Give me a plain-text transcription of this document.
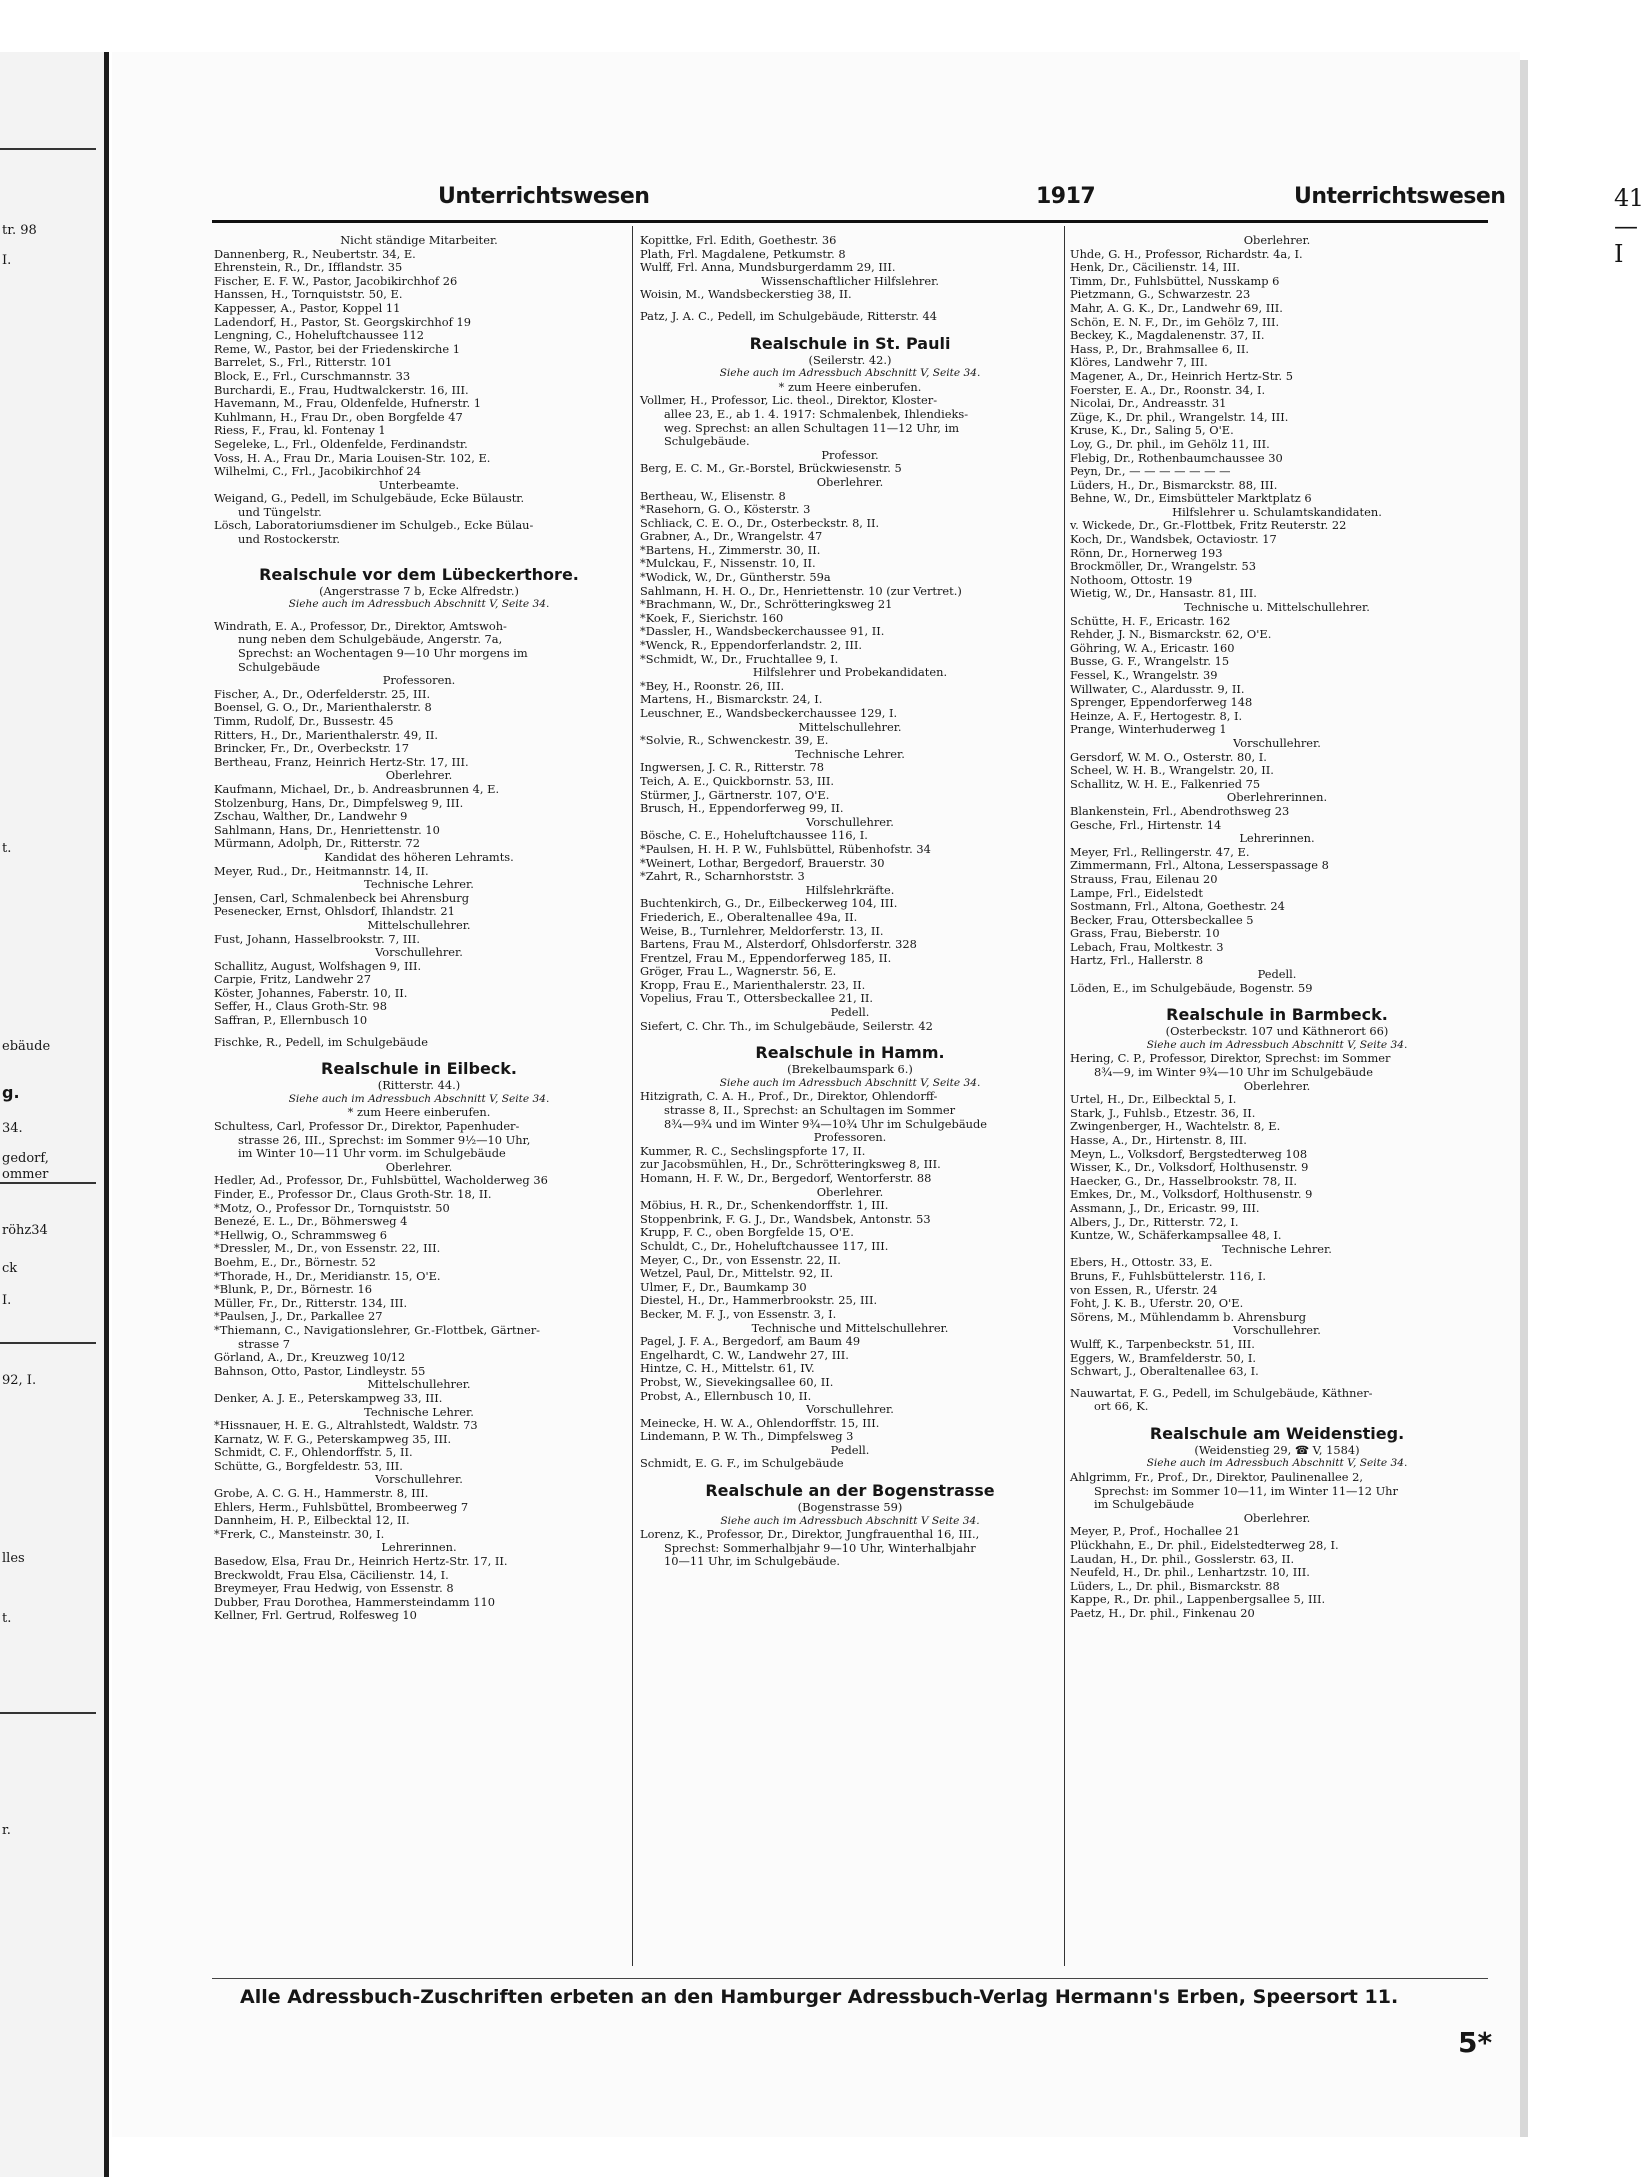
tr. 98
I.
t.
ebäude
g.
34.
gedorf,
ommer
röhz34
ck
I.
92, I.
lles
t.
r.
Unterrichtswesen	1917	Unterrichtswesen	41—I
Nicht ständige Mitarbeiter.
Dannenberg, R., Neubertstr. 34, E.
Ehrenstein, R., Dr., Ifflandstr. 35
Fischer, E. F. W., Pastor, Jacobikirchhof 26
Hanssen, H., Tornquiststr. 50, E.
Kappesser, A., Pastor, Koppel 11
Ladendorf, H., Pastor, St. Georgskirchhof 19
Lengning, C., Hoheluftchaussee 112
Reme, W., Pastor, bei der Friedenskirche 1
Barrelet, S., Frl., Ritterstr. 101
Block, E., Frl., Curschmannstr. 33
Burchardi, E., Frau, Hudtwalckerstr. 16, III.
Havemann, M., Frau, Oldenfelde, Hufnerstr. 1
Kuhlmann, H., Frau Dr., oben Borgfelde 47
Riess, F., Frau, kl. Fontenay 1
Segeleke, L., Frl., Oldenfelde, Ferdinandstr.
Voss, H. A., Frau Dr., Maria Louisen-Str. 102, E.
Wilhelmi, C., Frl., Jacobikirchhof 24
Unterbeamte.
Weigand, G., Pedell, im Schulgebäude, Ecke Bülaustr.
und Tüngelstr.
Lösch, Laboratoriumsdiener im Schulgeb., Ecke Bülau-
und Rostockerstr.
Realschule vor dem Lübeckerthore.
(Angerstrasse 7 b, Ecke Alfredstr.)
Siehe auch im Adressbuch Abschnitt V, Seite 34.
Windrath, E. A., Professor, Dr., Direktor, Amtswoh-
nung neben dem Schulgebäude, Angerstr. 7a,
Sprechst: an Wochentagen 9—10 Uhr morgens im
Schulgebäude
Professoren.
Fischer, A., Dr., Oderfelderstr. 25, III.
Boensel, G. O., Dr., Marienthalerstr. 8
Timm, Rudolf, Dr., Bussestr. 45
Ritters, H., Dr., Marienthalerstr. 49, II.
Brincker, Fr., Dr., Overbeckstr. 17
Bertheau, Franz, Heinrich Hertz-Str. 17, III.
Oberlehrer.
Kaufmann, Michael, Dr., b. Andreasbrunnen 4, E.
Stolzenburg, Hans, Dr., Dimpfelsweg 9, III.
Zschau, Walther, Dr., Landwehr 9
Sahlmann, Hans, Dr., Henriettenstr. 10
Mürmann, Adolph, Dr., Ritterstr. 72
Kandidat des höheren Lehramts.
Meyer, Rud., Dr., Heitmannstr. 14, II.
Technische Lehrer.
Jensen, Carl, Schmalenbeck bei Ahrensburg
Pesenecker, Ernst, Ohlsdorf, Ihlandstr. 21
Mittelschullehrer.
Fust, Johann, Hasselbrookstr. 7, III.
Vorschullehrer.
Schallitz, August, Wolfshagen 9, III.
Carpie, Fritz, Landwehr 27
Köster, Johannes, Faberstr. 10, II.
Seffer, H., Claus Groth-Str. 98
Saffran, P., Ellernbusch 10
Fischke, R., Pedell, im Schulgebäude
Realschule in Eilbeck.
(Ritterstr. 44.)
Siehe auch im Adressbuch Abschnitt V, Seite 34.
* zum Heere einberufen.
Schultess, Carl, Professor Dr., Direktor, Papenhuder-
strasse 26, III., Sprechst: im Sommer 9½—10 Uhr,
im Winter 10—11 Uhr vorm. im Schulgebäude
Oberlehrer.
Hedler, Ad., Professor, Dr., Fuhlsbüttel, Wacholderweg 36
Finder, E., Professor Dr., Claus Groth-Str. 18, II.
*Motz, O., Professor Dr., Tornquiststr. 50
Benezé, E. L., Dr., Böhmersweg 4
*Hellwig, O., Schrammsweg 6
*Dressler, M., Dr., von Essenstr. 22, III.
Boehm, E., Dr., Börnestr. 52
*Thorade, H., Dr., Meridianstr. 15, O'E.
*Blunk, P., Dr., Börnestr. 16
Müller, Fr., Dr., Ritterstr. 134, III.
*Paulsen, J., Dr., Parkallee 27
*Thiemann, C., Navigationslehrer, Gr.-Flottbek, Gärtner-
strasse 7
Görland, A., Dr., Kreuzweg 10/12
Bahnson, Otto, Pastor, Lindleystr. 55
Mittelschullehrer.
Denker, A. J. E., Peterskampweg 33, III.
Technische Lehrer.
*Hissnauer, H. E. G., Altrahlstedt, Waldstr. 73
Karnatz, W. F. G., Peterskampweg 35, III.
Schmidt, C. F., Ohlendorffstr. 5, II.
Schütte, G., Borgfeldestr. 53, III.
Vorschullehrer.
Grobe, A. C. G. H., Hammerstr. 8, III.
Ehlers, Herm., Fuhlsbüttel, Brombeerweg 7
Dannheim, H. P., Eilbecktal 12, II.
*Frerk, C., Mansteinstr. 30, I.
Lehrerinnen.
Basedow, Elsa, Frau Dr., Heinrich Hertz-Str. 17, II.
Breckwoldt, Frau Elsa, Cäcilienstr. 14, I.
Breymeyer, Frau Hedwig, von Essenstr. 8
Dubber, Frau Dorothea, Hammersteindamm 110
Kellner, Frl. Gertrud, Rolfesweg 10
Kopittke, Frl. Edith, Goethestr. 36
Plath, Frl. Magdalene, Petkumstr. 8
Wulff, Frl. Anna, Mundsburgerdamm 29, III.
Wissenschaftlicher Hilfslehrer.
Woisin, M., Wandsbeckerstieg 38, II.
Patz, J. A. C., Pedell, im Schulgebäude, Ritterstr. 44
Realschule in St. Pauli
(Seilerstr. 42.)
Siehe auch im Adressbuch Abschnitt V, Seite 34.
* zum Heere einberufen.
Vollmer, H., Professor, Lic. theol., Direktor, Kloster-
allee 23, E., ab 1. 4. 1917: Schmalenbek, Ihlendieks-
weg. Sprechst: an allen Schultagen 11—12 Uhr, im
Schulgebäude.
Professor.
Berg, E. C. M., Gr.-Borstel, Brückwiesenstr. 5
Oberlehrer.
Bertheau, W., Elisenstr. 8
*Rasehorn, G. O., Kösterstr. 3
Schliack, C. E. O., Dr., Osterbeckstr. 8, II.
Grabner, A., Dr., Wrangelstr. 47
*Bartens, H., Zimmerstr. 30, II.
*Mulckau, F., Nissenstr. 10, II.
*Wodick, W., Dr., Güntherstr. 59a
Sahlmann, H. H. O., Dr., Henriettenstr. 10 (zur Vertret.)
*Brachmann, W., Dr., Schrötteringksweg 21
*Koek, F., Sierichstr. 160
*Dassler, H., Wandsbeckerchaussee 91, II.
*Wenck, R., Eppendorferlandstr. 2, III.
*Schmidt, W., Dr., Fruchtallee 9, I.
Hilfslehrer und Probekandidaten.
*Bey, H., Roonstr. 26, III.
Martens, H., Bismarckstr. 24, I.
Leuschner, E., Wandsbeckerchaussee 129, I.
Mittelschullehrer.
*Solvie, R., Schwenckestr. 39, E.
Technische Lehrer.
Ingwersen, J. C. R., Ritterstr. 78
Teich, A. E., Quickbornstr. 53, III.
Stürmer, J., Gärtnerstr. 107, O'E.
Brusch, H., Eppendorferweg 99, II.
Vorschullehrer.
Bösche, C. E., Hoheluftchaussee 116, I.
*Paulsen, H. H. P. W., Fuhlsbüttel, Rübenhofstr. 34
*Weinert, Lothar, Bergedorf, Brauerstr. 30
*Zahrt, R., Scharnhorststr. 3
Hilfslehrkräfte.
Buchtenkirch, G., Dr., Eilbeckerweg 104, III.
Friederich, E., Oberaltenallee 49a, II.
Weise, B., Turnlehrer, Meldorferstr. 13, II.
Bartens, Frau M., Alsterdorf, Ohlsdorferstr. 328
Frentzel, Frau M., Eppendorferweg 185, II.
Gröger, Frau L., Wagnerstr. 56, E.
Kropp, Frau E., Marienthalerstr. 23, II.
Vopelius, Frau T., Ottersbeckallee 21, II.
Pedell.
Siefert, C. Chr. Th., im Schulgebäude, Seilerstr. 42
Realschule in Hamm.
(Brekelbaumspark 6.)
Siehe auch im Adressbuch Abschnitt V, Seite 34.
Hitzigrath, C. A. H., Prof., Dr., Direktor, Ohlendorff-
strasse 8, II., Sprechst: an Schultagen im Sommer
8¾—9¾ und im Winter 9¾—10¾ Uhr im Schulgebäude
Professoren.
Kummer, R. C., Sechslingspforte 17, II.
zur Jacobsmühlen, H., Dr., Schrötteringksweg 8, III.
Homann, H. F. W., Dr., Bergedorf, Wentorferstr. 88
Oberlehrer.
Möbius, H. R., Dr., Schenkendorffstr. 1, III.
Stoppenbrink, F. G. J., Dr., Wandsbek, Antonstr. 53
Krupp, F. C., oben Borgfelde 15, O'E.
Schuldt, C., Dr., Hoheluftchaussee 117, III.
Meyer, C., Dr., von Essenstr. 22, II.
Wetzel, Paul, Dr., Mittelstr. 92, II.
Ulmer, F., Dr., Baumkamp 30
Diestel, H., Dr., Hammerbrookstr. 25, III.
Becker, M. F. J., von Essenstr. 3, I.
Technische und Mittelschullehrer.
Pagel, J. F. A., Bergedorf, am Baum 49
Engelhardt, C. W., Landwehr 27, III.
Hintze, C. H., Mittelstr. 61, IV.
Probst, W., Sievekingsallee 60, II.
Probst, A., Ellernbusch 10, II.
Vorschullehrer.
Meinecke, H. W. A., Ohlendorffstr. 15, III.
Lindemann, P. W. Th., Dimpfelsweg 3
Pedell.
Schmidt, E. G. F., im Schulgebäude
Realschule an der Bogenstrasse
(Bogenstrasse 59)
Siehe auch im Adressbuch Abschnitt V Seite 34.
Lorenz, K., Professor, Dr., Direktor, Jungfrauenthal 16, III.,
Sprechst: Sommerhalbjahr 9—10 Uhr, Winterhalbjahr
10—11 Uhr, im Schulgebäude.
Oberlehrer.
Uhde, G. H., Professor, Richardstr. 4a, I.
Henk, Dr., Cäcilienstr. 14, III.
Timm, Dr., Fuhlsbüttel, Nusskamp 6
Pietzmann, G., Schwarzestr. 23
Mahr, A. G. K., Dr., Landwehr 69, III.
Schön, E. N. F., Dr., im Gehölz 7, III.
Beckey, K., Magdalenenstr. 37, II.
Hass, P., Dr., Brahmsallee 6, II.
Klöres, Landwehr 7, III.
Magener, A., Dr., Heinrich Hertz-Str. 5
Foerster, E. A., Dr., Roonstr. 34, I.
Nicolai, Dr., Andreasstr. 31
Züge, K., Dr. phil., Wrangelstr. 14, III.
Kruse, K., Dr., Saling 5, O'E.
Loy, G., Dr. phil., im Gehölz 11, III.
Flebig, Dr., Rothenbaumchaussee 30
Peyn, Dr., — — — — — — —
Lüders, H., Dr., Bismarckstr. 88, III.
Behne, W., Dr., Eimsbütteler Marktplatz 6
Hilfslehrer u. Schulamtskandidaten.
v. Wickede, Dr., Gr.-Flottbek, Fritz Reuterstr. 22
Koch, Dr., Wandsbek, Octaviostr. 17
Rönn, Dr., Hornerweg 193
Brockmöller, Dr., Wrangelstr. 53
Nothoom, Ottostr. 19
Wietig, W., Dr., Hansastr. 81, III.
Technische u. Mittelschullehrer.
Schütte, H. F., Ericastr. 162
Rehder, J. N., Bismarckstr. 62, O'E.
Göhring, W. A., Ericastr. 160
Busse, G. F., Wrangelstr. 15
Fessel, K., Wrangelstr. 39
Willwater, C., Alardusstr. 9, II.
Sprenger, Eppendorferweg 148
Heinze, A. F., Hertogestr. 8, I.
Prange, Winterhuderweg 1
Vorschullehrer.
Gersdorf, W. M. O., Osterstr. 80, I.
Scheel, W. H. B., Wrangelstr. 20, II.
Schallitz, W. H. E., Falkenried 75
Oberlehrerinnen.
Blankenstein, Frl., Abendrothsweg 23
Gesche, Frl., Hirtenstr. 14
Lehrerinnen.
Meyer, Frl., Rellingerstr. 47, E.
Zimmermann, Frl., Altona, Lesserspassage 8
Strauss, Frau, Eilenau 20
Lampe, Frl., Eidelstedt
Sostmann, Frl., Altona, Goethestr. 24
Becker, Frau, Ottersbeckallee 5
Grass, Frau, Bieberstr. 10
Lebach, Frau, Moltkestr. 3
Hartz, Frl., Hallerstr. 8
Pedell.
Löden, E., im Schulgebäude, Bogenstr. 59
Realschule in Barmbeck.
(Osterbeckstr. 107 und Käthnerort 66)
Siehe auch im Adressbuch Abschnitt V, Seite 34.
Hering, C. P., Professor, Direktor, Sprechst: im Sommer
8¾—9, im Winter 9¾—10 Uhr im Schulgebäude
Oberlehrer.
Urtel, H., Dr., Eilbecktal 5, I.
Stark, J., Fuhlsb., Etzestr. 36, II.
Zwingenberger, H., Wachtelstr. 8, E.
Hasse, A., Dr., Hirtenstr. 8, III.
Meyn, L., Volksdorf, Bergstedterweg 108
Wisser, K., Dr., Volksdorf, Holthusenstr. 9
Haecker, G., Dr., Hasselbrookstr. 78, II.
Emkes, Dr., M., Volksdorf, Holthusenstr. 9
Assmann, J., Dr., Ericastr. 99, III.
Albers, J., Dr., Ritterstr. 72, I.
Kuntze, W., Schäferkampsallee 48, I.
Technische Lehrer.
Ebers, H., Ottostr. 33, E.
Bruns, F., Fuhlsbüttelerstr. 116, I.
von Essen, R., Uferstr. 24
Foht, J. K. B., Uferstr. 20, O'E.
Sörens, M., Mühlendamm b. Ahrensburg
Vorschullehrer.
Wulff, K., Tarpenbeckstr. 51, III.
Eggers, W., Bramfelderstr. 50, I.
Schwart, J., Oberaltenallee 63, I.
Nauwartat, F. G., Pedell, im Schulgebäude, Käthner-
ort 66, K.
Realschule am Weidenstieg.
(Weidenstieg 29, ☎ V, 1584)
Siehe auch im Adressbuch Abschnitt V, Seite 34.
Ahlgrimm, Fr., Prof., Dr., Direktor, Paulinenallee 2,
Sprechst: im Sommer 10—11, im Winter 11—12 Uhr
im Schulgebäude
Oberlehrer.
Meyer, P., Prof., Hochallee 21
Plückhahn, E., Dr. phil., Eidelstedterweg 28, I.
Laudan, H., Dr. phil., Gosslerstr. 63, II.
Neufeld, H., Dr. phil., Lenhartzstr. 10, III.
Lüders, L., Dr. phil., Bismarckstr. 88
Kappe, R., Dr. phil., Lappenbergsallee 5, III.
Paetz, H., Dr. phil., Finkenau 20
Alle Adressbuch-Zuschriften erbeten an den Hamburger Adressbuch-Verlag Hermann's Erben, Speersort 11.
5*
